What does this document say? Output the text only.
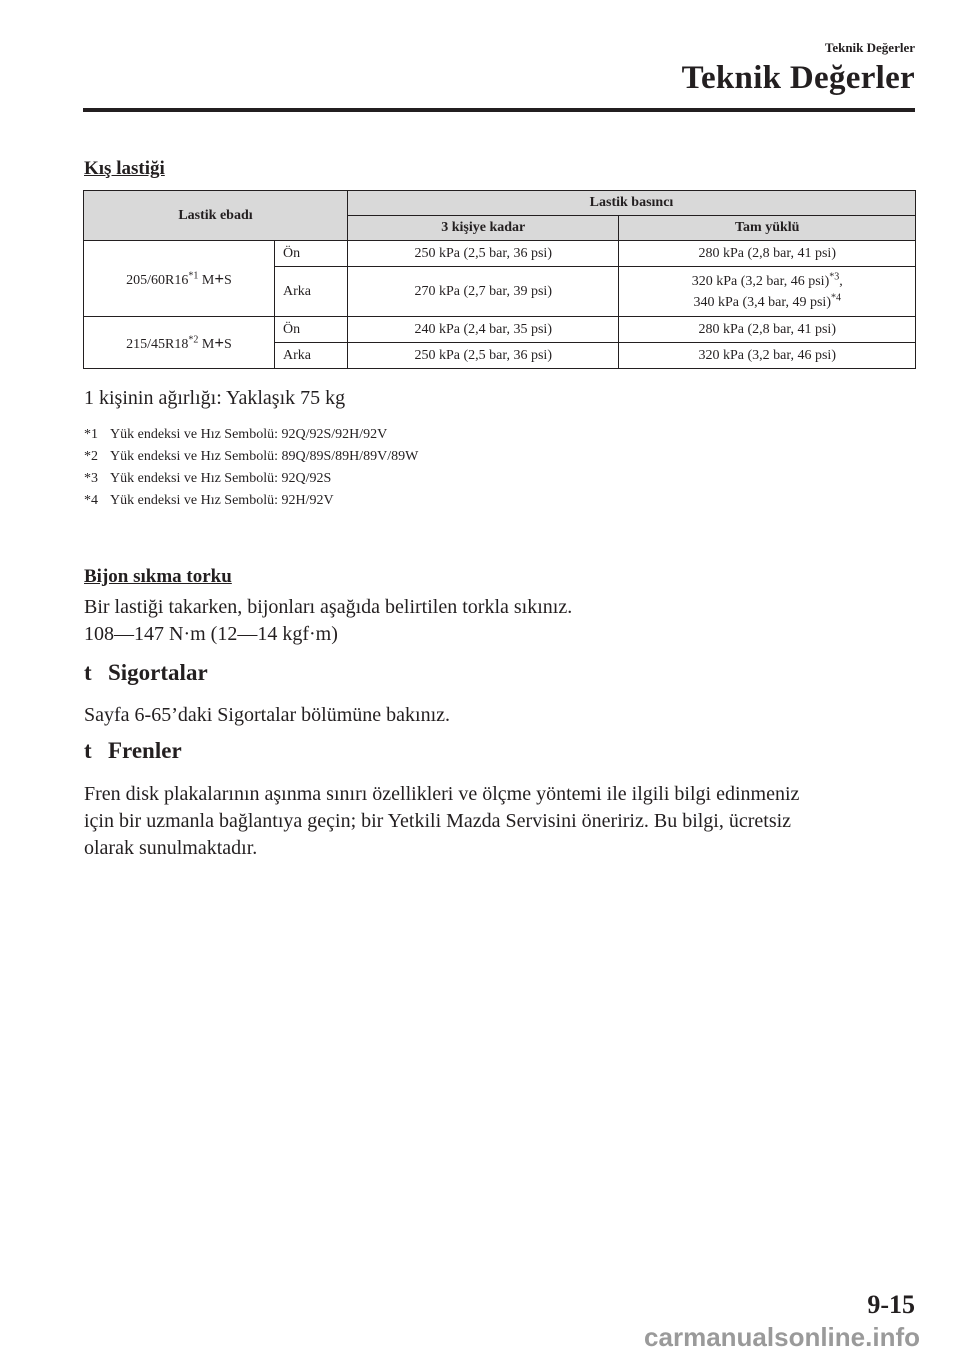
Teknik Değerler
Teknik Değerler
Kış lastiği
Lastik ebadı		Lastik basıncı	
		3 kişiye kadar	Tam yüklü
205/60R16$^{*1}$ M+S	Ön	250 kPa (2,5 bar, 36 psi)	280 kPa (2,8 bar, 41 psi)
	Arka	270 kPa (2,7 bar, 39 psi)	320 kPa (3,2 bar, 46 psi)$^{*3}$,
340 kPa (3,4 bar, 49 psi)$^{*4}$
215/45R18$^{*2}$ M+S	Ön	240 kPa (2,4 bar, 35 psi)	280 kPa (2,8 bar, 41 psi)
	Arka	250 kPa (2,5 bar, 36 psi)	320 kPa (3,2 bar, 46 psi)
1 kişinin ağırlığı: Yaklaşık 75 kg
*1 Yük endeksi ve Hız Sembolü: 92Q/92S/92H/92V
*2 Yük endeksi ve Hız Sembolü: 89Q/89S/89H/89V/89W
*3 Yük endeksi ve Hız Sembolü: 92Q/92S
*4 Yük endeksi ve Hız Sembolü: 92H/92V
Bijon sıkma torku
Bir lastiği takarken, bijonları aşağıda belirtilen torkla sıkınız.
108—147 N·m (12—14 kgf·m)
t Sigortalar
Sayfa 6-65’daki Sigortalar bölümüne bakınız.
t Frenler
Fren disk plakalarının aşınma sınırı özellikleri ve ölçme yöntemi ile ilgili bilgi edinmeniz
için bir uzmanla bağlantıya geçin; bir Yetkili Mazda Servisini öneririz. Bu bilgi, ücretsiz
olarak sunulmaktadır.
9-15
carmanualsonline.info
